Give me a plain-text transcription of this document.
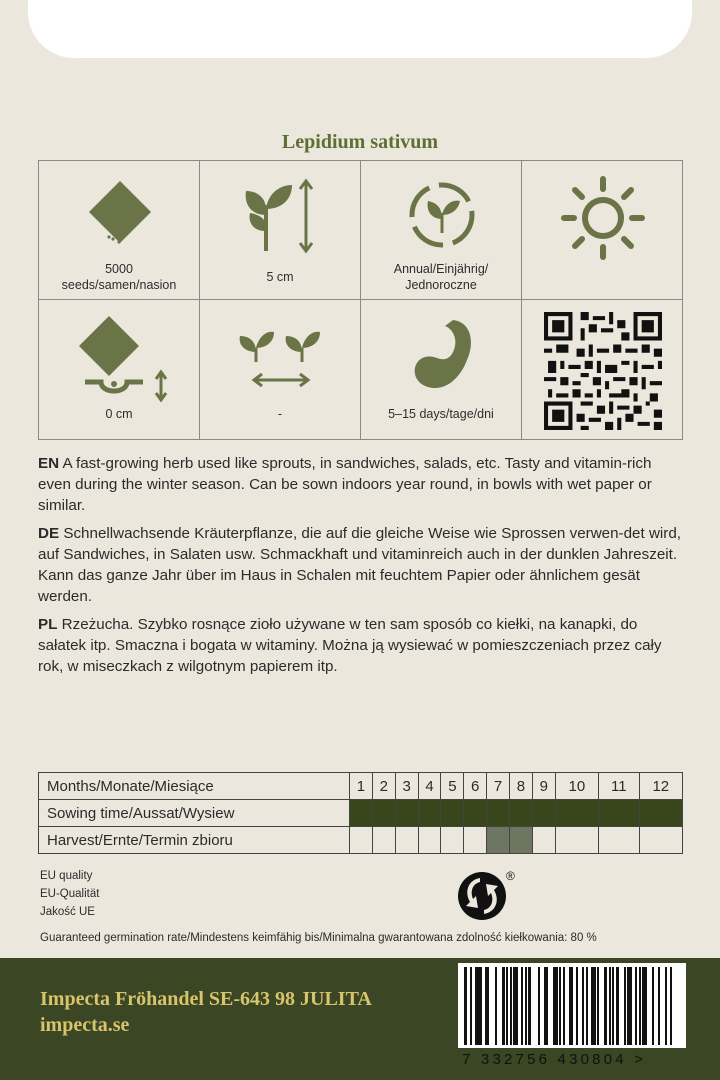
Lepidium sativum
5000
seeds/samen/nasion
5 cm
Annual/Einjährig/
Jednoroczne
0 cm	-	5–15 days/tage/dni
EN A fast-growing herb used like sprouts, in sandwiches, salads, etc. Tasty and vitamin-rich even during the winter season. Can be sown indoors year round, in bowls with wet paper or similar.
DE Schnellwachsende Kräuterpflanze, die auf die gleiche Weise wie Sprossen verwen-det wird, auf Sandwiches, in Salaten usw. Schmackhaft und vitaminreich auch in der dunklen Jahreszeit. Kann das ganze Jahr über im Haus in Schalen mit feuchtem Papier oder ähnlichem gesät werden.
PL Rzeżucha. Szybko rosnące zioło używane w ten sam sposób co kiełki, na kanapki, do sałatek itp. Smaczna i bogata w witaminy. Można ją wysiewać w pomieszczeniach przez cały rok, w miseczkach z wilgotnym papierem itp.
Months/Monate/Miesiące	1	2	3	4	5	6	7	8	9	10	11	12
Sowing time/Aussat/Wysiew												
Harvest/Ernte/Termin zbioru												
EU quality
EU-Qualität
Jakość UE
®
Guaranteed germination rate/Mindestens keimfähig bis/Minimalna gwarantowana zdolność kiełkowania: 80 %
Impecta Fröhandel SE-643 98 JULITA
impecta.se
7 332756 430804 >
